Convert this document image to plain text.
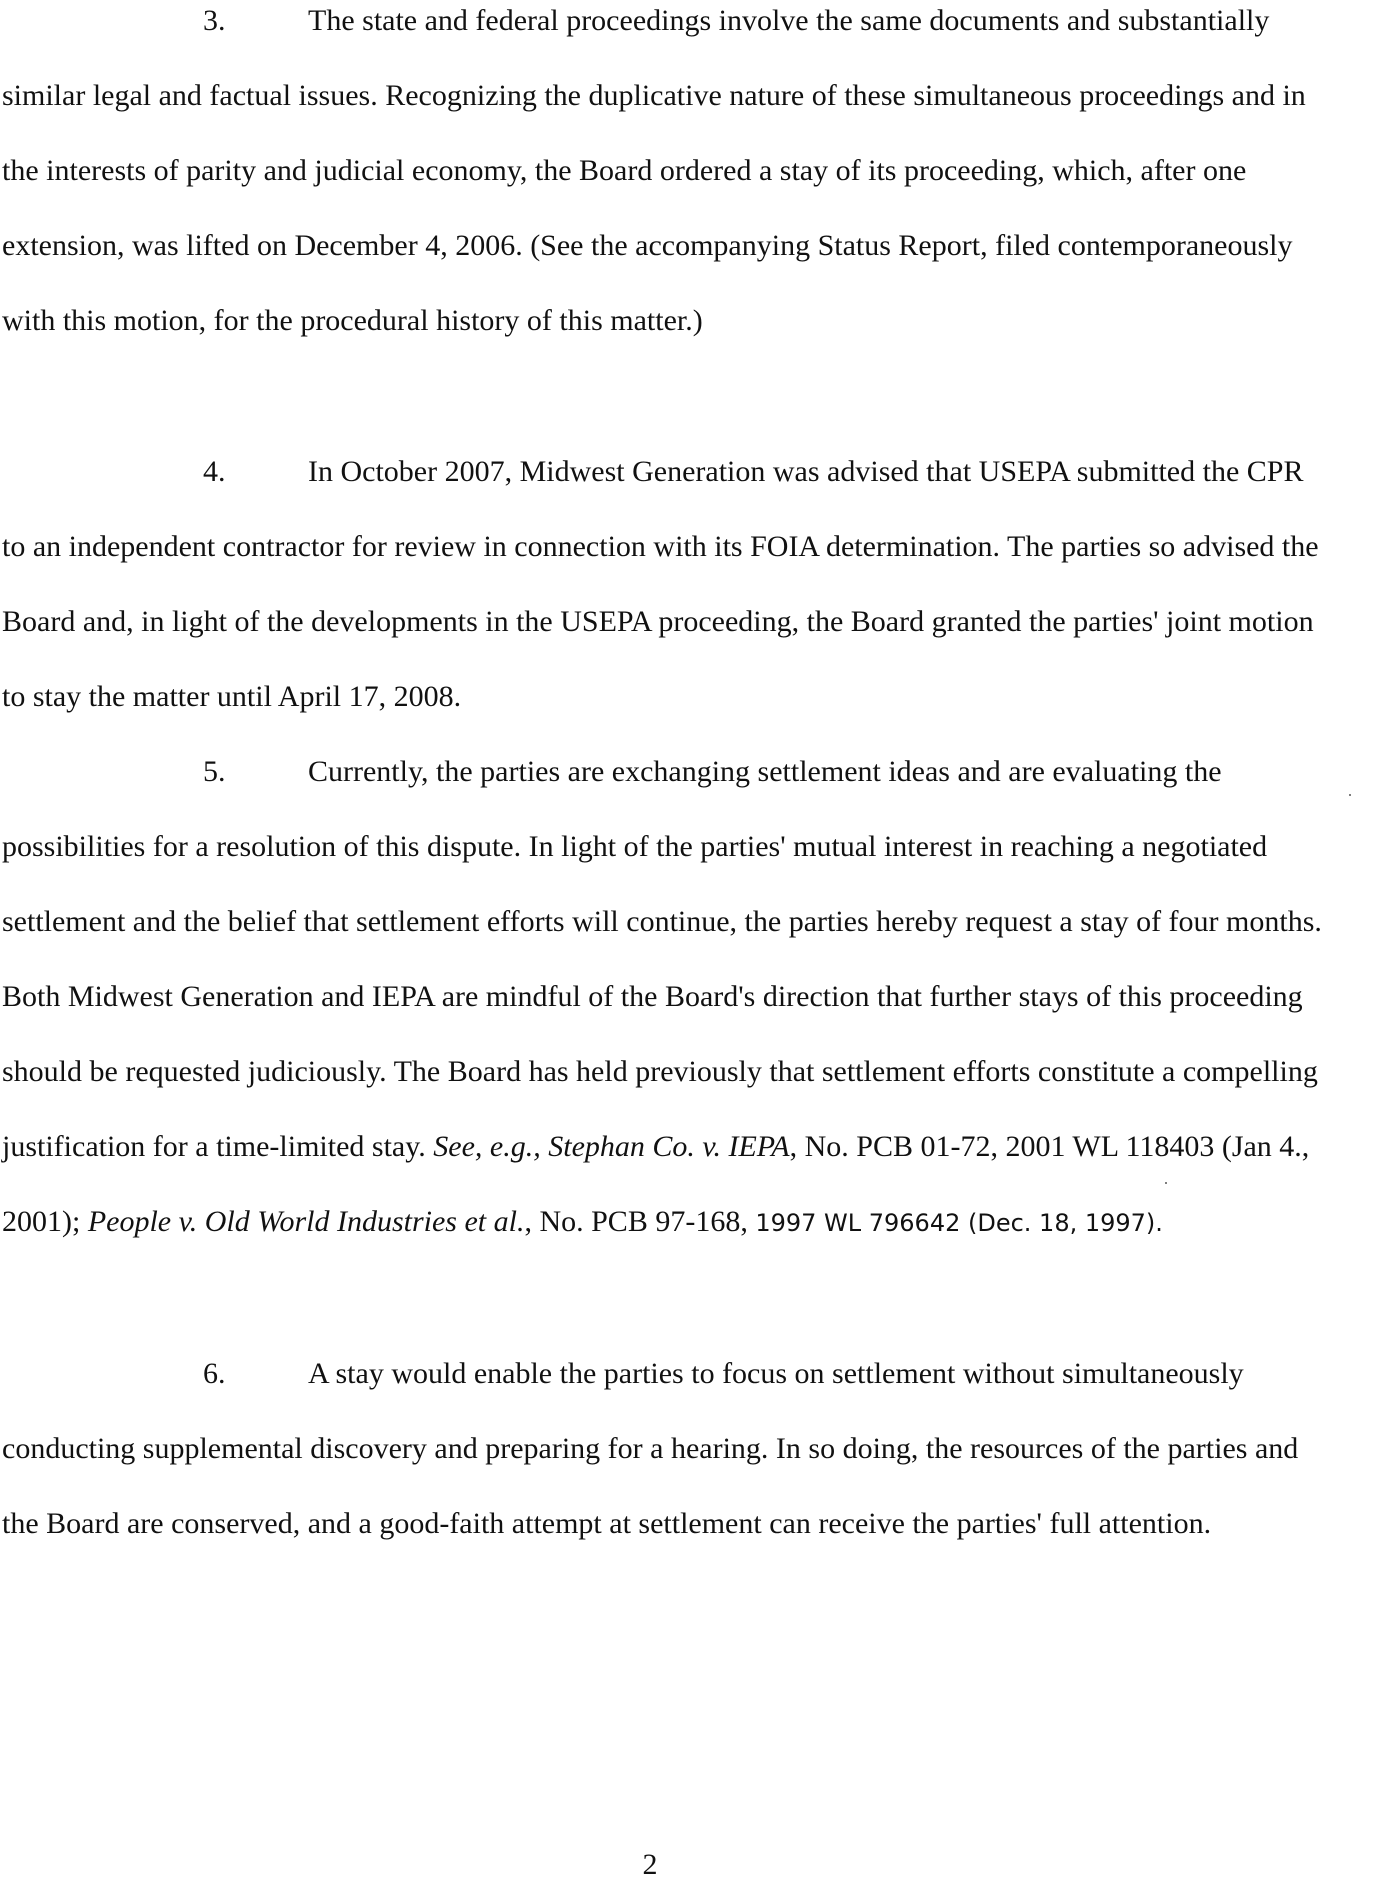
3.	The state and federal proceedings involve the same documents and substantially similar legal and factual issues. Recognizing the duplicative nature of these simultaneous proceedings and in the interests of parity and judicial economy, the Board ordered a stay of its proceeding, which, after one extension, was lifted on December 4, 2006. (See the accompanying Status Report, filed contemporaneously with this motion, for the procedural history of this matter.)

4.	In October 2007, Midwest Generation was advised that USEPA submitted the CPR to an independent contractor for review in connection with its FOIA determination. The parties so advised the Board and, in light of the developments in the USEPA proceeding, the Board granted the parties' joint motion to stay the matter until April 17, 2008.

5.	Currently, the parties are exchanging settlement ideas and are evaluating the possibilities for a resolution of this dispute. In light of the parties' mutual interest in reaching a negotiated settlement and the belief that settlement efforts will continue, the parties hereby request a stay of four months. Both Midwest Generation and IEPA are mindful of the Board's direction that further stays of this proceeding should be requested judiciously. The Board has held previously that settlement efforts constitute a compelling justification for a time-limited stay. See, e.g., Stephan Co. v. IEPA, No. PCB 01-72, 2001 WL 118403 (Jan 4., 2001); People v. Old World Industries et al., No. PCB 97-168, 1997 WL 796642 (Dec. 18, 1997).

6.	A stay would enable the parties to focus on settlement without simultaneously conducting supplemental discovery and preparing for a hearing. In so doing, the resources of the parties and the Board are conserved, and a good-faith attempt at settlement can receive the parties' full attention.

2
